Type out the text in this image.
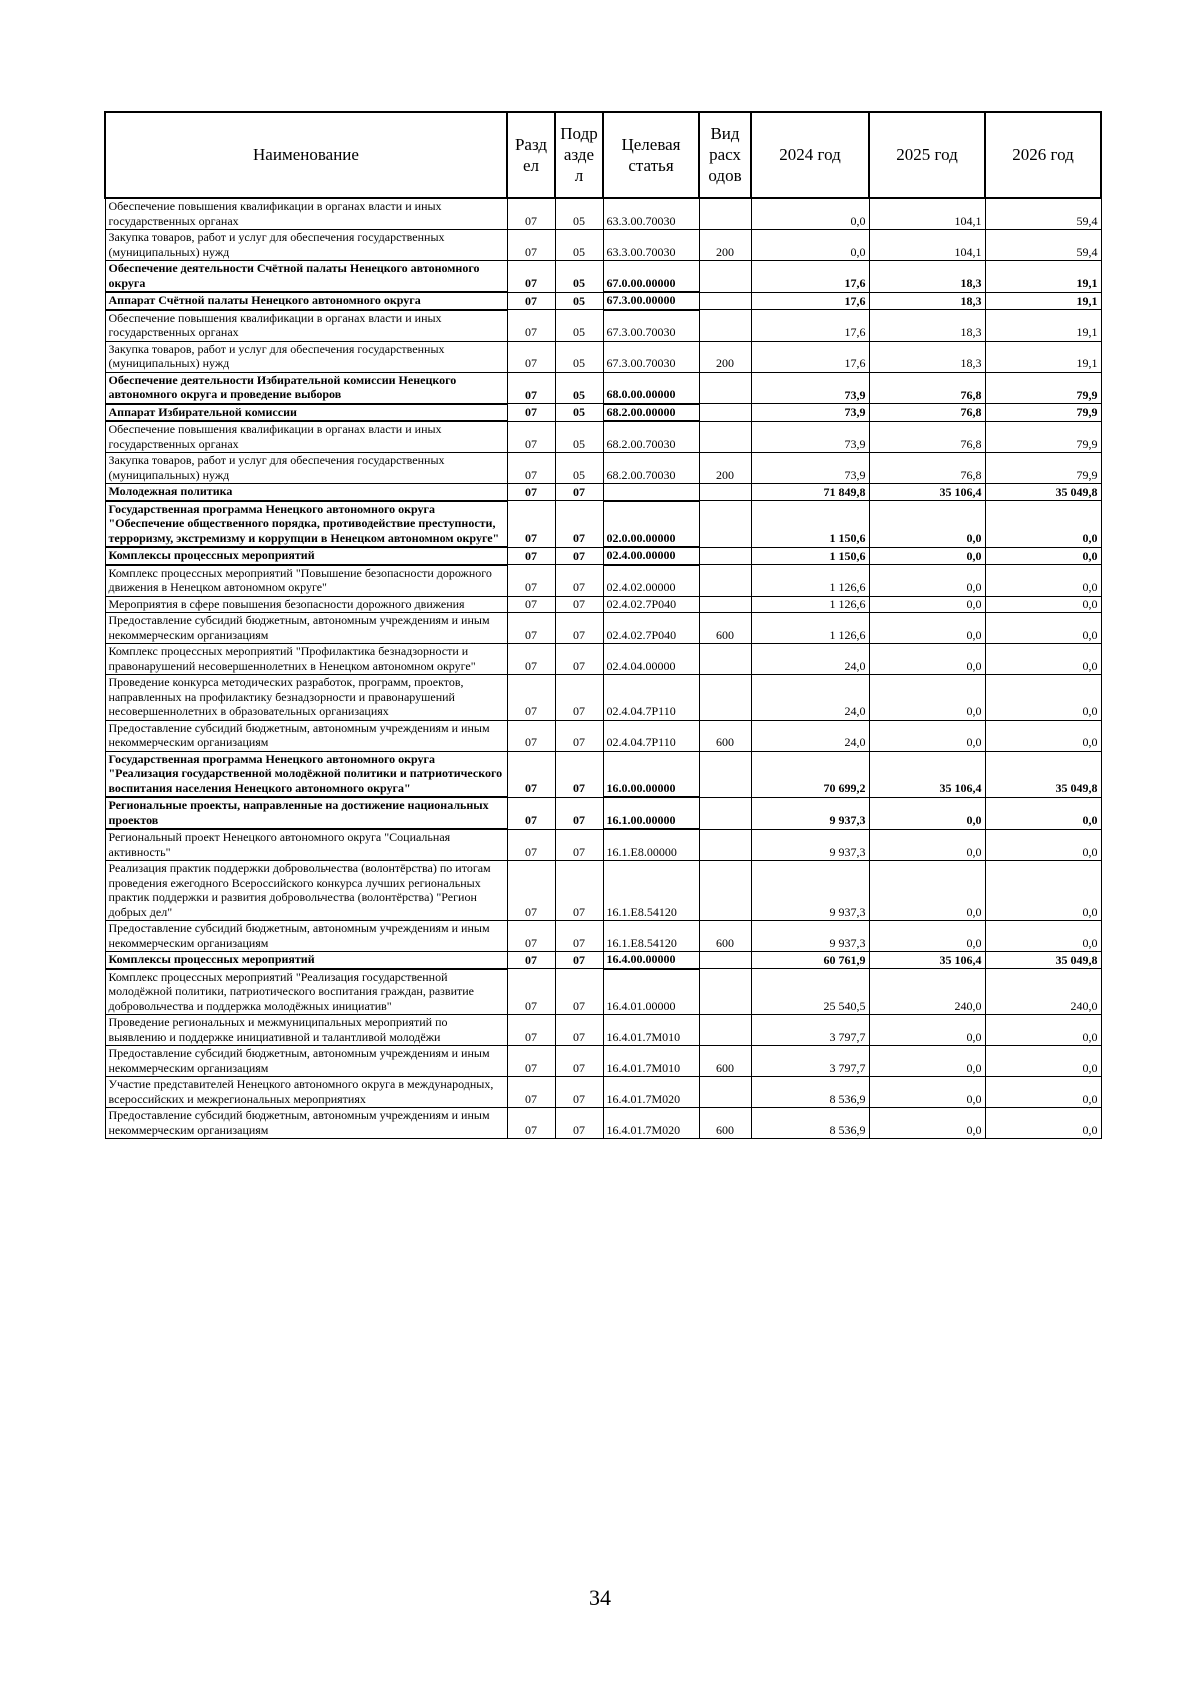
Наименование	Разд ел	Подр азде л	Целевая статья	Вид расх одов	2024 год	2025 год	2026 год
Обеспечение повышения квалификации в органах власти и иных государственных органах	07	05	63.3.00.70030		0,0	104,1	59,4
Закупка товаров, работ и услуг для обеспечения государственных (муниципальных) нужд	07	05	63.3.00.70030	200	0,0	104,1	59,4
Обеспечение деятельности Счётной палаты Ненецкого автономного округа	07	05	67.0.00.00000		17,6	18,3	19,1
Аппарат Счётной палаты Ненецкого автономного округа	07	05	67.3.00.00000		17,6	18,3	19,1
Обеспечение повышения квалификации в органах власти и иных государственных органах	07	05	67.3.00.70030		17,6	18,3	19,1
Закупка товаров, работ и услуг для обеспечения государственных (муниципальных) нужд	07	05	67.3.00.70030	200	17,6	18,3	19,1
Обеспечение деятельности Избирательной комиссии Ненецкого автономного округа и проведение выборов	07	05	68.0.00.00000		73,9	76,8	79,9
Аппарат Избирательной комиссии	07	05	68.2.00.00000		73,9	76,8	79,9
Обеспечение повышения квалификации в органах власти и иных государственных органах	07	05	68.2.00.70030		73,9	76,8	79,9
Закупка товаров, работ и услуг для обеспечения государственных (муниципальных) нужд	07	05	68.2.00.70030	200	73,9	76,8	79,9
Молодежная политика	07	07			71 849,8	35 106,4	35 049,8
Государственная программа Ненецкого автономного округа "Обеспечение общественного порядка, противодействие преступности, терроризму, экстремизму и коррупции в Ненецком автономном округе"	07	07	02.0.00.00000		1 150,6	0,0	0,0
Комплексы процессных мероприятий	07	07	02.4.00.00000		1 150,6	0,0	0,0
Комплекс процессных мероприятий "Повышение безопасности дорожного движения в Ненецком автономном округе"	07	07	02.4.02.00000		1 126,6	0,0	0,0
Мероприятия в сфере повышения безопасности дорожного движения	07	07	02.4.02.7Р040		1 126,6	0,0	0,0
Предоставление субсидий бюджетным, автономным учреждениям и иным некоммерческим организациям	07	07	02.4.02.7Р040	600	1 126,6	0,0	0,0
Комплекс процессных мероприятий "Профилактика безнадзорности и правонарушений несовершеннолетних в Ненецком автономном округе"	07	07	02.4.04.00000		24,0	0,0	0,0
Проведение конкурса методических разработок, программ, проектов, направленных на профилактику безнадзорности и правонарушений несовершеннолетних в образовательных организациях	07	07	02.4.04.7Р110		24,0	0,0	0,0
Предоставление субсидий бюджетным, автономным учреждениям и иным некоммерческим организациям	07	07	02.4.04.7Р110	600	24,0	0,0	0,0
Государственная программа Ненецкого автономного округа "Реализация государственной молодёжной политики и патриотического воспитания населения Ненецкого автономного округа"	07	07	16.0.00.00000		70 699,2	35 106,4	35 049,8
Региональные проекты, направленные на достижение национальных проектов	07	07	16.1.00.00000		9 937,3	0,0	0,0
Региональный проект Ненецкого автономного округа "Социальная активность"	07	07	16.1.Е8.00000		9 937,3	0,0	0,0
Реализация практик поддержки добровольчества (волонтёрства) по итогам проведения ежегодного Всероссийского конкурса лучших региональных практик поддержки и развития добровольчества (волонтёрства) "Регион добрых дел"	07	07	16.1.Е8.54120		9 937,3	0,0	0,0
Предоставление субсидий бюджетным, автономным учреждениям и иным некоммерческим организациям	07	07	16.1.Е8.54120	600	9 937,3	0,0	0,0
Комплексы процессных мероприятий	07	07	16.4.00.00000		60 761,9	35 106,4	35 049,8
Комплекс процессных мероприятий "Реализация государственной молодёжной политики, патриотического воспитания граждан, развитие добровольчества и поддержка молодёжных инициатив"	07	07	16.4.01.00000		25 540,5	240,0	240,0
Проведение региональных и межмуниципальных мероприятий по выявлению и поддержке инициативной и талантливой молодёжи	07	07	16.4.01.7М010		3 797,7	0,0	0,0
Предоставление субсидий бюджетным, автономным учреждениям и иным некоммерческим организациям	07	07	16.4.01.7М010	600	3 797,7	0,0	0,0
Участие представителей Ненецкого автономного округа в международных, всероссийских и межрегиональных мероприятиях	07	07	16.4.01.7М020		8 536,9	0,0	0,0
Предоставление субсидий бюджетным, автономным учреждениям и иным некоммерческим организациям	07	07	16.4.01.7М020	600	8 536,9	0,0	0,0
34
